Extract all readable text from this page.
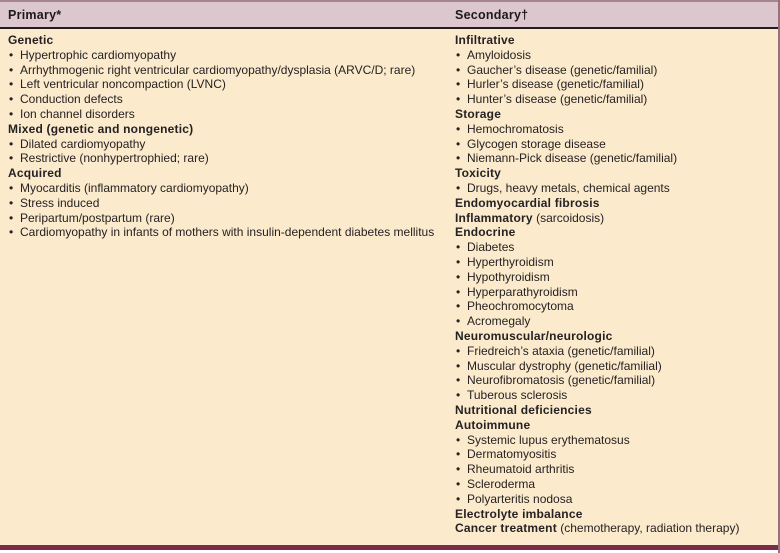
Primary*	Secondary†
Genetic
• Hypertrophic cardiomyopathy
• Arrhythmogenic right ventricular cardiomyopathy/dysplasia (ARVC/D; rare)
• Left ventricular noncompaction (LVNC)
• Conduction defects
• Ion channel disorders
Mixed (genetic and nongenetic)
• Dilated cardiomyopathy
• Restrictive (nonhypertrophied; rare)
Acquired
• Myocarditis (inflammatory cardiomyopathy)
• Stress induced
• Peripartum/postpartum (rare)
• Cardiomyopathy in infants of mothers with insulin-dependent diabetes mellitus
Infiltrative
• Amyloidosis
• Gaucher’s disease (genetic/familial)
• Hurler’s disease (genetic/familial)
• Hunter’s disease (genetic/familial)
Storage
• Hemochromatosis
• Glycogen storage disease
• Niemann-Pick disease (genetic/familial)
Toxicity
• Drugs, heavy metals, chemical agents
Endomyocardial fibrosis
Inflammatory (sarcoidosis)
Endocrine
• Diabetes
• Hyperthyroidism
• Hypothyroidism
• Hyperparathyroidism
• Pheochromocytoma
• Acromegaly
Neuromuscular/neurologic
• Friedreich’s ataxia (genetic/familial)
• Muscular dystrophy (genetic/familial)
• Neurofibromatosis (genetic/familial)
• Tuberous sclerosis
Nutritional deficiencies
Autoimmune
• Systemic lupus erythematosus
• Dermatomyositis
• Rheumatoid arthritis
• Scleroderma
• Polyarteritis nodosa
Electrolyte imbalance
Cancer treatment (chemotherapy, radiation therapy)
